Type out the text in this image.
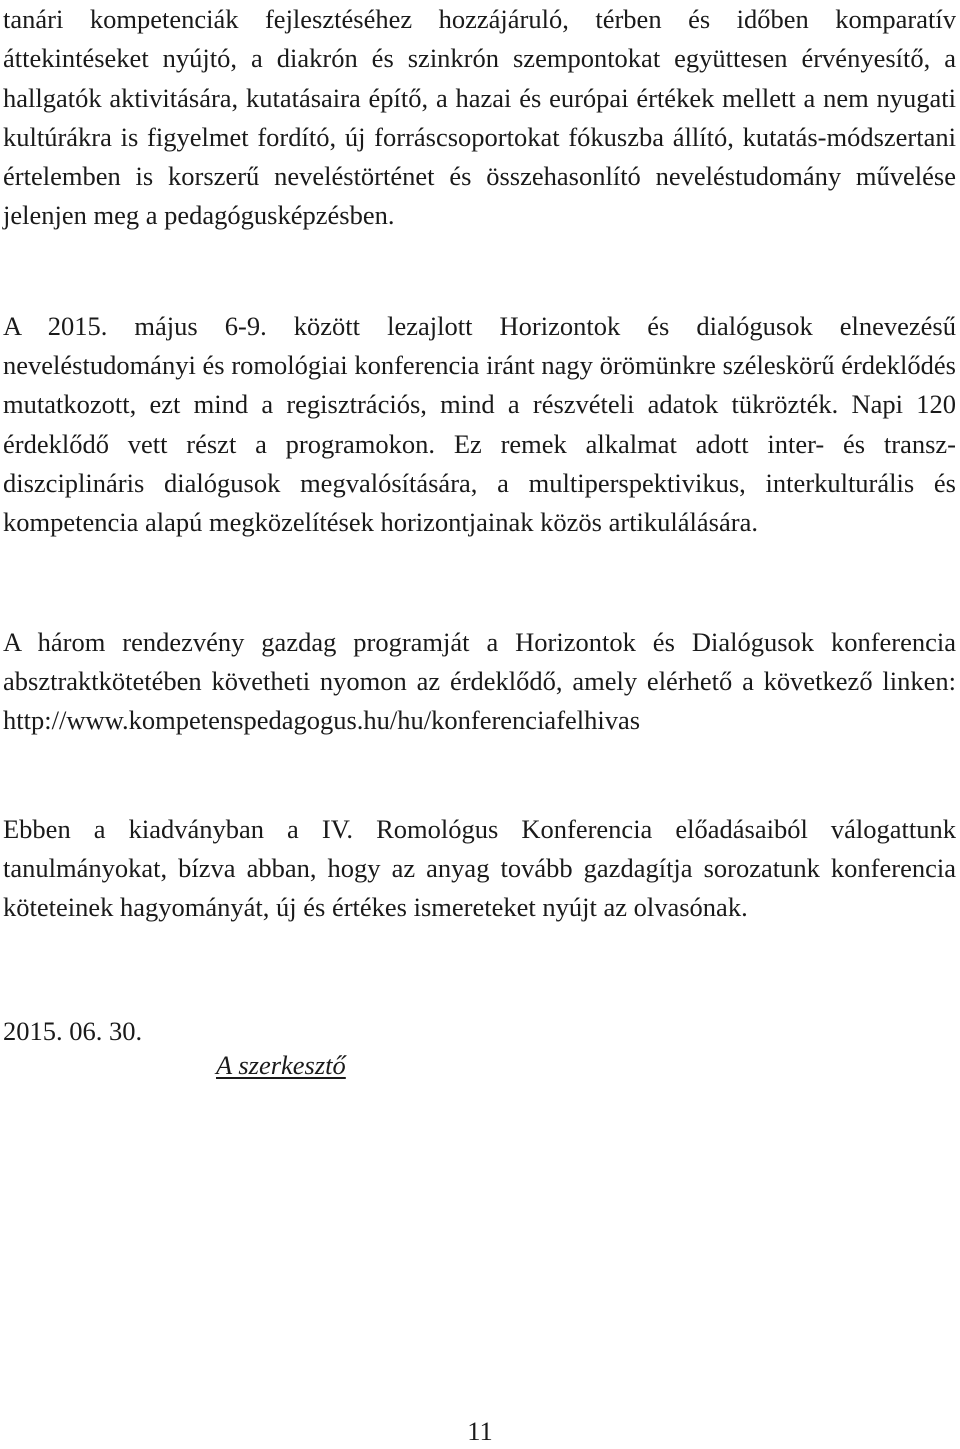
tanári kompetenciák fejlesztéséhez hozzájáruló, térben és időben komparatív áttekintéseket nyújtó, a diakrón és szinkrón szempontokat együttesen érvényesítő, a hallgatók aktivitására, kutatásaira építő, a hazai és európai értékek mellett a nem nyugati kultúrákra is figyelmet fordító, új forráscsoportokat fókuszba állító, kutatás-módszertani értelemben is korszerű neveléstörténet és összehasonlító neveléstudomány művelése jelenjen meg a pedagógusképzésben.

A 2015. május 6-9. között lezajlott Horizontok és dialógusok elnevezésű neveléstudományi és romológiai konferencia iránt nagy örömünkre széleskörű érdeklődés mutatkozott, ezt mind a regisztrációs, mind a részvételi adatok tükrözték. Napi 120 érdeklődő vett részt a programokon. Ez remek alkalmat adott inter- és transz-diszciplináris dialógusok megvalósítására, a multiperspektivikus, interkulturális és kompetencia alapú megközelítések horizontjainak közös artikulálására.

A három rendezvény gazdag programját a Horizontok és Dialógusok konferencia absztraktkötetében követheti nyomon az érdeklődő, amely elérhető a következő linken: http://www.kompetenspedagogus.hu/hu/konferenciafelhivas

Ebben a kiadványban a IV. Romológus Konferencia előadásaiból válogattunk tanulmányokat, bízva abban, hogy az anyag tovább gazdagítja sorozatunk konferencia köteteinek hagyományát, új és értékes ismereteket nyújt az olvasónak.

2015. 06. 30.
A szerkesztő
11
